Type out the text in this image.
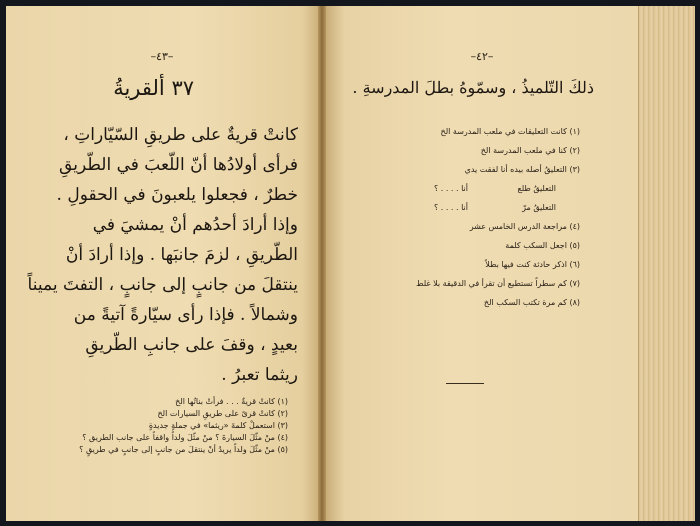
–٤٣–
٣٧ ألقريةُ
كانتْ قريةٌ على طريقِ السّيّاراتِ ،
فرأى أولادُها أنّ اللّعبَ في الطّريقِ
خطرٌ ، فجعلوا يلعبونَ في الحقولِ .
وإذا أرادَ أحدُهم أنْ يمشيَ في
الطّريقِ ، لزمَ جانبَها . وإذا أرادَ أنْ
ينتقلَ من جانبٍ إلى جانبٍ ، التفتَ يميناً
وشمالاً . فإذا رأى سيّارةً آتيةً من
بعيدٍ ، وقفَ على جانبِ الطّريقِ
ريثما تعبرُ .
(١) كانتْ قريةٌ . . . فرأتْ بناتُها الخ
(٢) كانتْ قرىً على طريقِ السيارات الخ
(٣) استعملْ كلمةَ «ريثما» في جملةٍ جديدةٍ
(٤) منْ مثّلَ السيارةَ ؟ منْ مثّلَ ولداً واقفاً على جانب الطريق ؟
(٥) منْ مثّلَ ولداً يريدُ أنْ ينتقلَ من جانبٍ إلى جانبٍ في طريقٍ ؟
–٤٢–
ذلكَ التّلميذُ ، وسمّوهُ بطلَ المدرسةِ .
(١) كانت التعليقات في ملعب المدرسة الخ
(٢) كنا في ملعب المدرسة الخ
(٣) التعليقُ أصله بيده أنا لفقت يدي
(٤) مراجعة الدرس الخامس عشر
(٥) اجعل السكب كلمة
(٦) اذكر حادثة كنت فيها بطلاً
(٧) كم سطراً تستطيع أن تقرأ في الدقيقة بلا غلط
(٨) كم مرة تكتب السكب الخ
التعليقُ طلع
أنا . . . . ؟
التعليقُ مرّ
أنا . . . . ؟
